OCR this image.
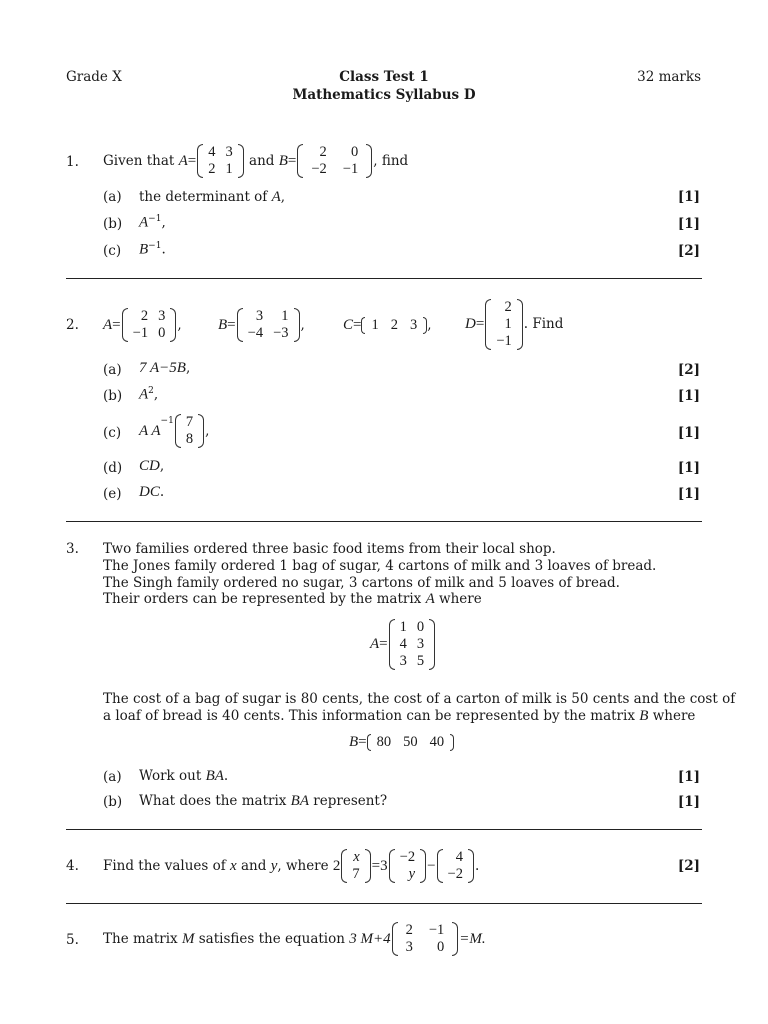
Grade X	Class Test 1
Mathematics Syllabus D
32 marks
1. Given that
A =
4	3
2	1
and
B =
2	0
−2	−1 , find
(a) the determinant of A,	[1]
(b) $A^{-1}$,	[1]
(c) $B^{-1}$.	[2]
2. A =
2	3
−1	0 , B =
3	1
−4	−3 ,	C = 1 2 3 , D =
2
1
−1
. Find
(a) 7 A−5B,	[2]
(b) $A^2$,	[1]
(c) A A
$^{-1}$ 7
8 ,	[1]
(d) CD,	[1]
(e) DC.	[1]
3. Two families ordered three basic food items from their local shop.
The Jones family ordered 1 bag of sugar, 4 cartons of milk and 3 loaves of bread.
The Singh family ordered no sugar, 3 cartons of milk and 5 loaves of bread.
Their orders can be represented by the matrix A where
A =
1	0
4	3
3	5
The cost of a bag of sugar is 80 cents, the cost of a carton of milk is 50 cents and the cost of
a loaf of bread is 40 cents. This information can be represented by the matrix B where
B = 80 50 40
(a) Work out BA.	[1]
(b) What does the matrix BA represent?	[1]
4. Find the values of
x
and
y , where
2
x
7
= 3
−2
y
−
4
−2 .	[2]
5. The matrix
M
satisfies the equation
3 M+4
2	−1
3	0
=M.
